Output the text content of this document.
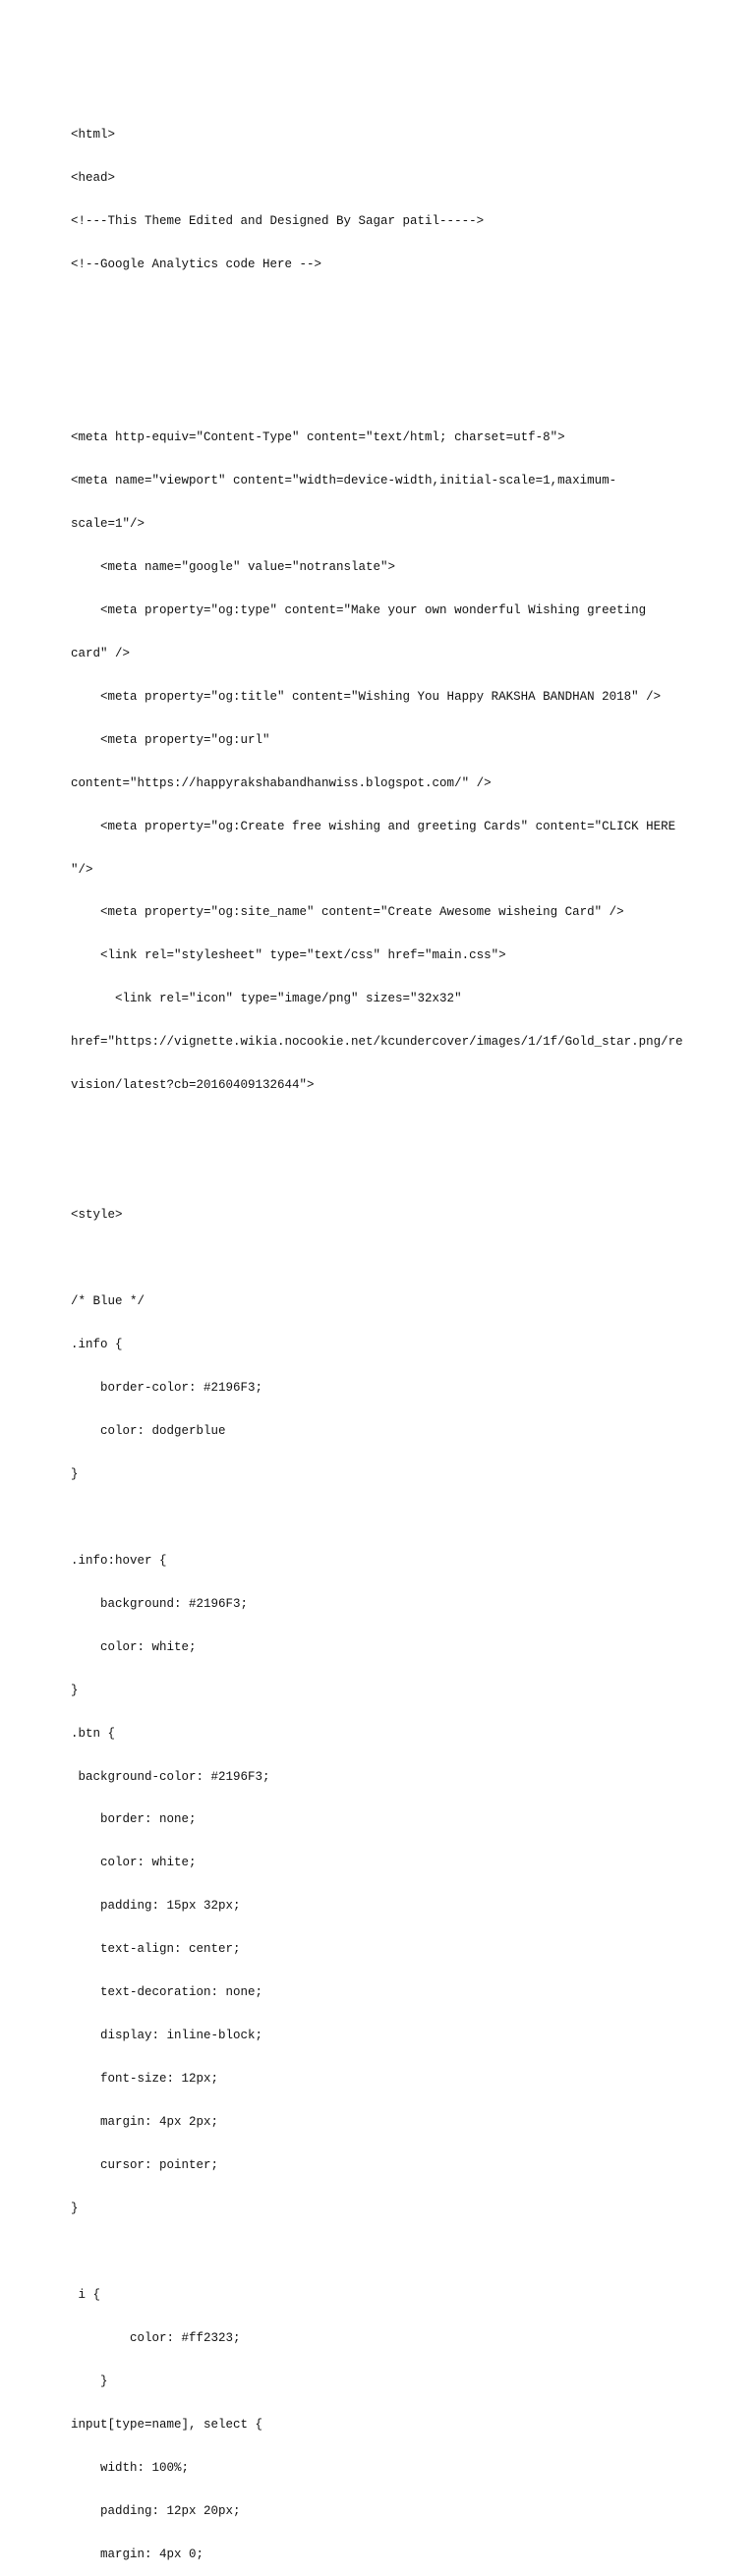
<html>

<head>

<!---This Theme Edited and Designed By Sagar patil----->

<!--Google Analytics code Here -->

<meta http-equiv="Content-Type" content="text/html; charset=utf-8">

<meta name="viewport" content="width=device-width,initial-scale=1,maximum-

scale=1"/>

<meta name="google" value="notranslate">

<meta property="og:type" content="Make your own wonderful Wishing greeting

card" />

<meta property="og:title" content="Wishing You Happy RAKSHA BANDHAN 2018" />

<meta property="og:url"

content="https://happyrakshabandhanwiss.blogspot.com/" />

<meta property="og:Create free wishing and greeting Cards" content="CLICK HERE

"/>

<meta property="og:site_name" content="Create Awesome wisheing Card" />

<link rel="stylesheet" type="text/css" href="main.css">

<link rel="icon" type="image/png" sizes="32x32"

href="https://vignette.wikia.nocookie.net/kcundercover/images/1/1f/Gold_star.png/re

vision/latest?cb=20160409132644">

<style>

/* Blue */

.info {

border-color: #2196F3;

color: dodgerblue

}

.info:hover {

background: #2196F3;

color: white;

}

.btn {

background-color: #2196F3;

border: none;

color: white;

padding: 15px 32px;

text-align: center;

text-decoration: none;

display: inline-block;

font-size: 12px;

margin: 4px 2px;

cursor: pointer;

}

i {

color: #ff2323;

}

input[type=name], select {

width: 100%;

padding: 12px 20px;

margin: 4px 0;
